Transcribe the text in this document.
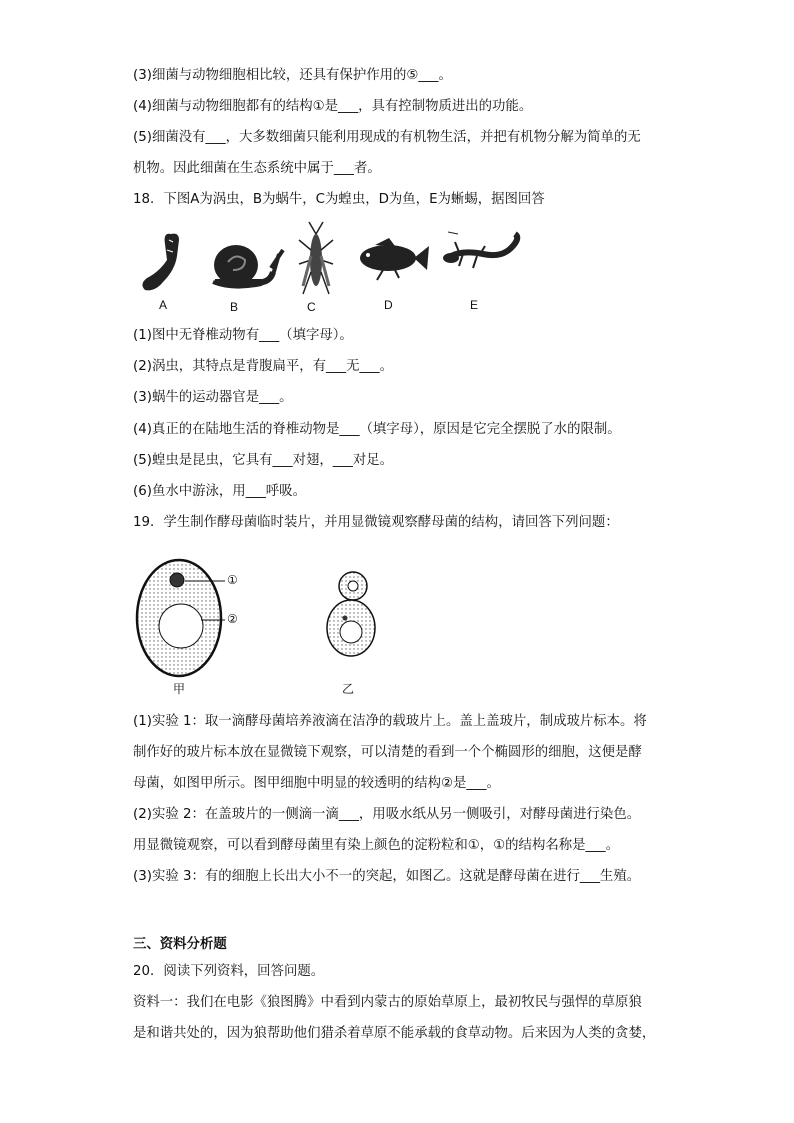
(3)细菌与动物细胞相比较，还具有保护作用的⑤___。
(4)细菌与动物细胞都有的结构①是___，具有控制物质进出的功能。
(5)细菌没有___，大多数细菌只能利用现成的有机物生活，并把有机物分解为简单的无
机物。因此细菌在生态系统中属于___者。
18．下图A为涡虫，B为蜗牛，C为蝗虫，D为鱼，E为蜥蜴，据图回答
A	B	C	D	E
(1)图中无脊椎动物有___（填字母）。
(2)涡虫，其特点是背腹扁平，有___无___。
(3)蜗牛的运动器官是___。
(4)真正的在陆地生活的脊椎动物是___（填字母），原因是它完全摆脱了水的限制。
(5)蝗虫是昆虫，它具有___对翅，___对足。
(6)鱼水中游泳，用___呼吸。
19．学生制作酵母菌临时装片，并用显微镜观察酵母菌的结构，请回答下列问题：
①
②
甲	乙
(1)实验 1：取一滴酵母菌培养液滴在洁净的载玻片上。盖上盖玻片，制成玻片标本。将
制作好的玻片标本放在显微镜下观察，可以清楚的看到一个个椭圆形的细胞，这便是酵
母菌，如图甲所示。图甲细胞中明显的较透明的结构②是___。
(2)实验 2：在盖玻片的一侧滴一滴___，用吸水纸从另一侧吸引，对酵母菌进行染色。
用显微镜观察，可以看到酵母菌里有染上颜色的淀粉粒和①，①的结构名称是___。
(3)实验 3：有的细胞上长出大小不一的突起，如图乙。这就是酵母菌在进行___生殖。
三、资料分析题
20．阅读下列资料，回答问题。
资料一：我们在电影《狼图腾》中看到内蒙古的原始草原上，最初牧民与强悍的草原狼
是和谐共处的，因为狼帮助他们猎杀着草原不能承载的食草动物。后来因为人类的贪婪，
